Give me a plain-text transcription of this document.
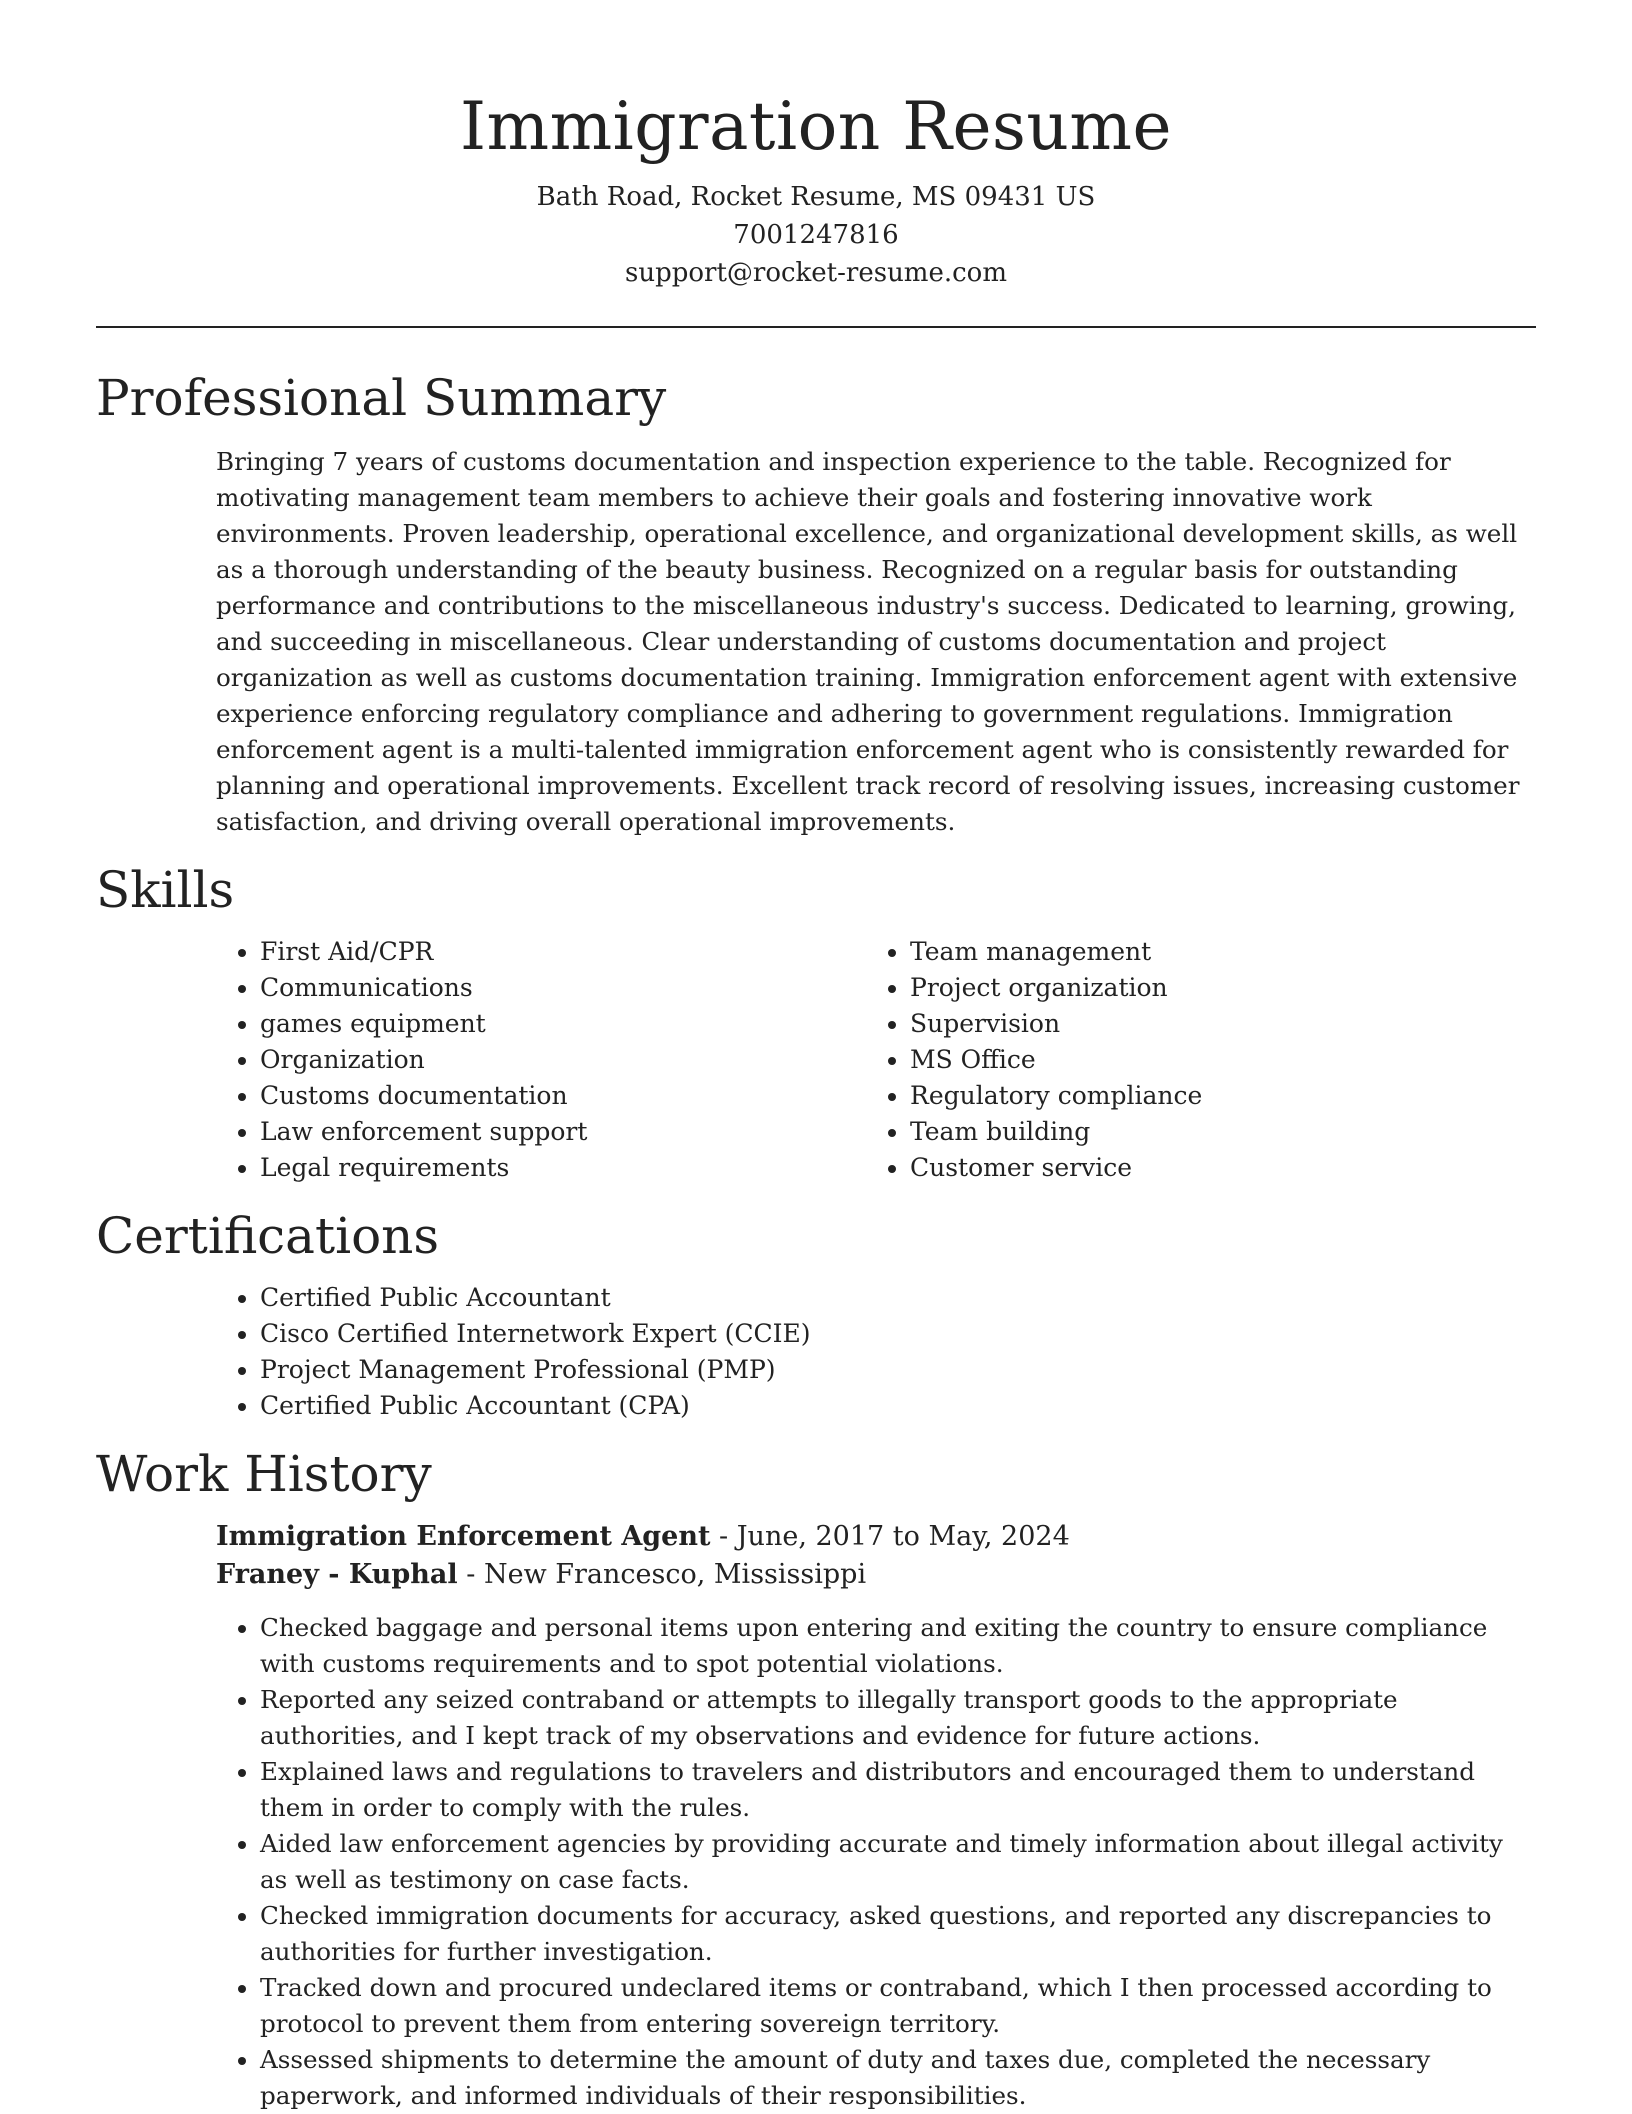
Immigration Resume

Bath Road, Rocket Resume, MS 09431 US

7001247816

support@rocket-resume.com

Professional Summary

Bringing 7 years of customs documentation and inspection experience to the table. Recognized for motivating management team members to achieve their goals and fostering innovative work environments. Proven leadership, operational excellence, and organizational development skills, as well as a thorough understanding of the beauty business. Recognized on a regular basis for outstanding performance and contributions to the miscellaneous industry's success. Dedicated to learning, growing, and succeeding in miscellaneous. Clear understanding of customs documentation and project organization as well as customs documentation training. Immigration enforcement agent with extensive experience enforcing regulatory compliance and adhering to government regulations. Immigration enforcement agent is a multi-talented immigration enforcement agent who is consistently rewarded for planning and operational improvements. Excellent track record of resolving issues, increasing customer satisfaction, and driving overall operational improvements.

Skills
• First Aid/CPR
• Communications
• games equipment
• Organization
• Customs documentation
• Law enforcement support
• Legal requirements
• Team management
• Project organization
• Supervision
• MS Office
• Regulatory compliance
• Team building
• Customer service
Certifications
• Certified Public Accountant
• Cisco Certified Internetwork Expert (CCIE)
• Project Management Professional (PMP)
• Certified Public Accountant (CPA)
Work History

Immigration Enforcement Agent - June, 2017 to May, 2024

Franey - Kuphal - New Francesco, Mississippi

• Checked baggage and personal items upon entering and exiting the country to ensure compliance with customs requirements and to spot potential violations.
• Reported any seized contraband or attempts to illegally transport goods to the appropriate authorities, and I kept track of my observations and evidence for future actions.
• Explained laws and regulations to travelers and distributors and encouraged them to understand them in order to comply with the rules.
• Aided law enforcement agencies by providing accurate and timely information about illegal activity as well as testimony on case facts.
• Checked immigration documents for accuracy, asked questions, and reported any discrepancies to authorities for further investigation.
• Tracked down and procured undeclared items or contraband, which I then processed according to protocol to prevent them from entering sovereign territory.
• Assessed shipments to determine the amount of duty and taxes due, completed the necessary paperwork, and informed individuals of their responsibilities.
